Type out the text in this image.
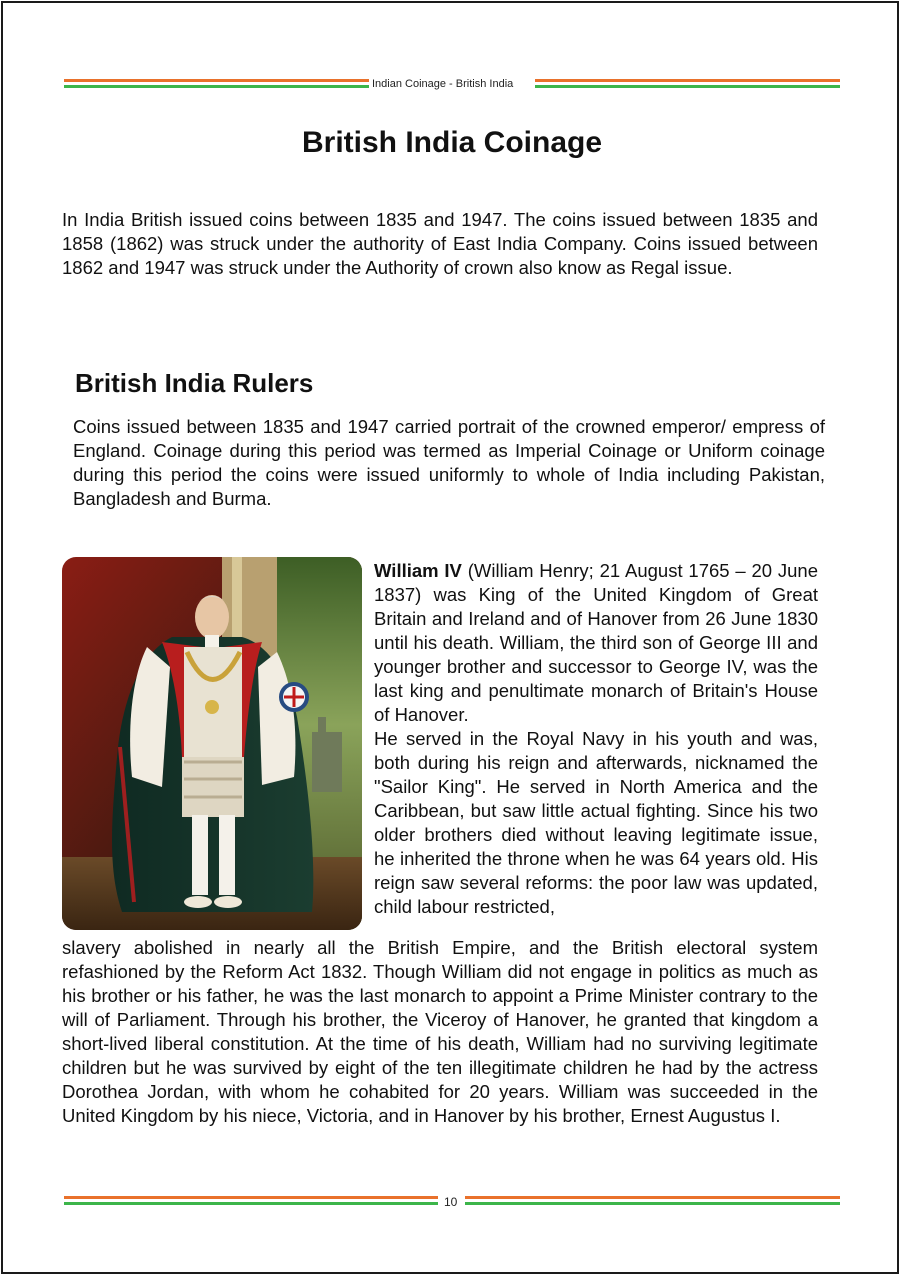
Indian Coinage - British India
British India Coinage
In India British issued coins between 1835 and 1947. The coins issued between 1835 and 1858 (1862) was struck under the authority of East India Company. Coins issued between 1862 and 1947 was struck under the Authority of crown also know as Regal issue.
British India Rulers
Coins issued between 1835 and 1947 carried portrait of the crowned emperor/ empress of England. Coinage during this period was termed as Imperial Coinage or Uniform coinage during this period the coins were issued uniformly to whole of India including Pakistan, Bangladesh and Burma.
William IV (William Henry; 21 August 1765 – 20 June 1837) was King of the United Kingdom of Great Britain and Ireland and of Hanover from 26 June 1830 until his death. William, the third son of George III and younger brother and successor to George IV, was the last king and penultimate monarch of Britain's House of Hanover.
He served in the Royal Navy in his youth and was, both during his reign and afterwards, nicknamed the "Sailor King". He served in North America and the Caribbean, but saw little actual fighting. Since his two older brothers died without leaving legitimate issue, he inherited the throne when he was 64 years old. His reign saw several reforms: the poor law was updated, child labour restricted,
slavery abolished in nearly all the British Empire, and the British electoral system refashioned by the Reform Act 1832. Though William did not engage in politics as much as his brother or his father, he was the last monarch to appoint a Prime Minister contrary to the will of Parliament. Through his brother, the Viceroy of Hanover, he granted that kingdom a short-lived liberal constitution. At the time of his death, William had no surviving legitimate children but he was survived by eight of the ten illegitimate children he had by the actress Dorothea Jordan, with whom he cohabited for 20 years. William was succeeded in the United Kingdom by his niece, Victoria, and in Hanover by his brother, Ernest Augustus I.
10
